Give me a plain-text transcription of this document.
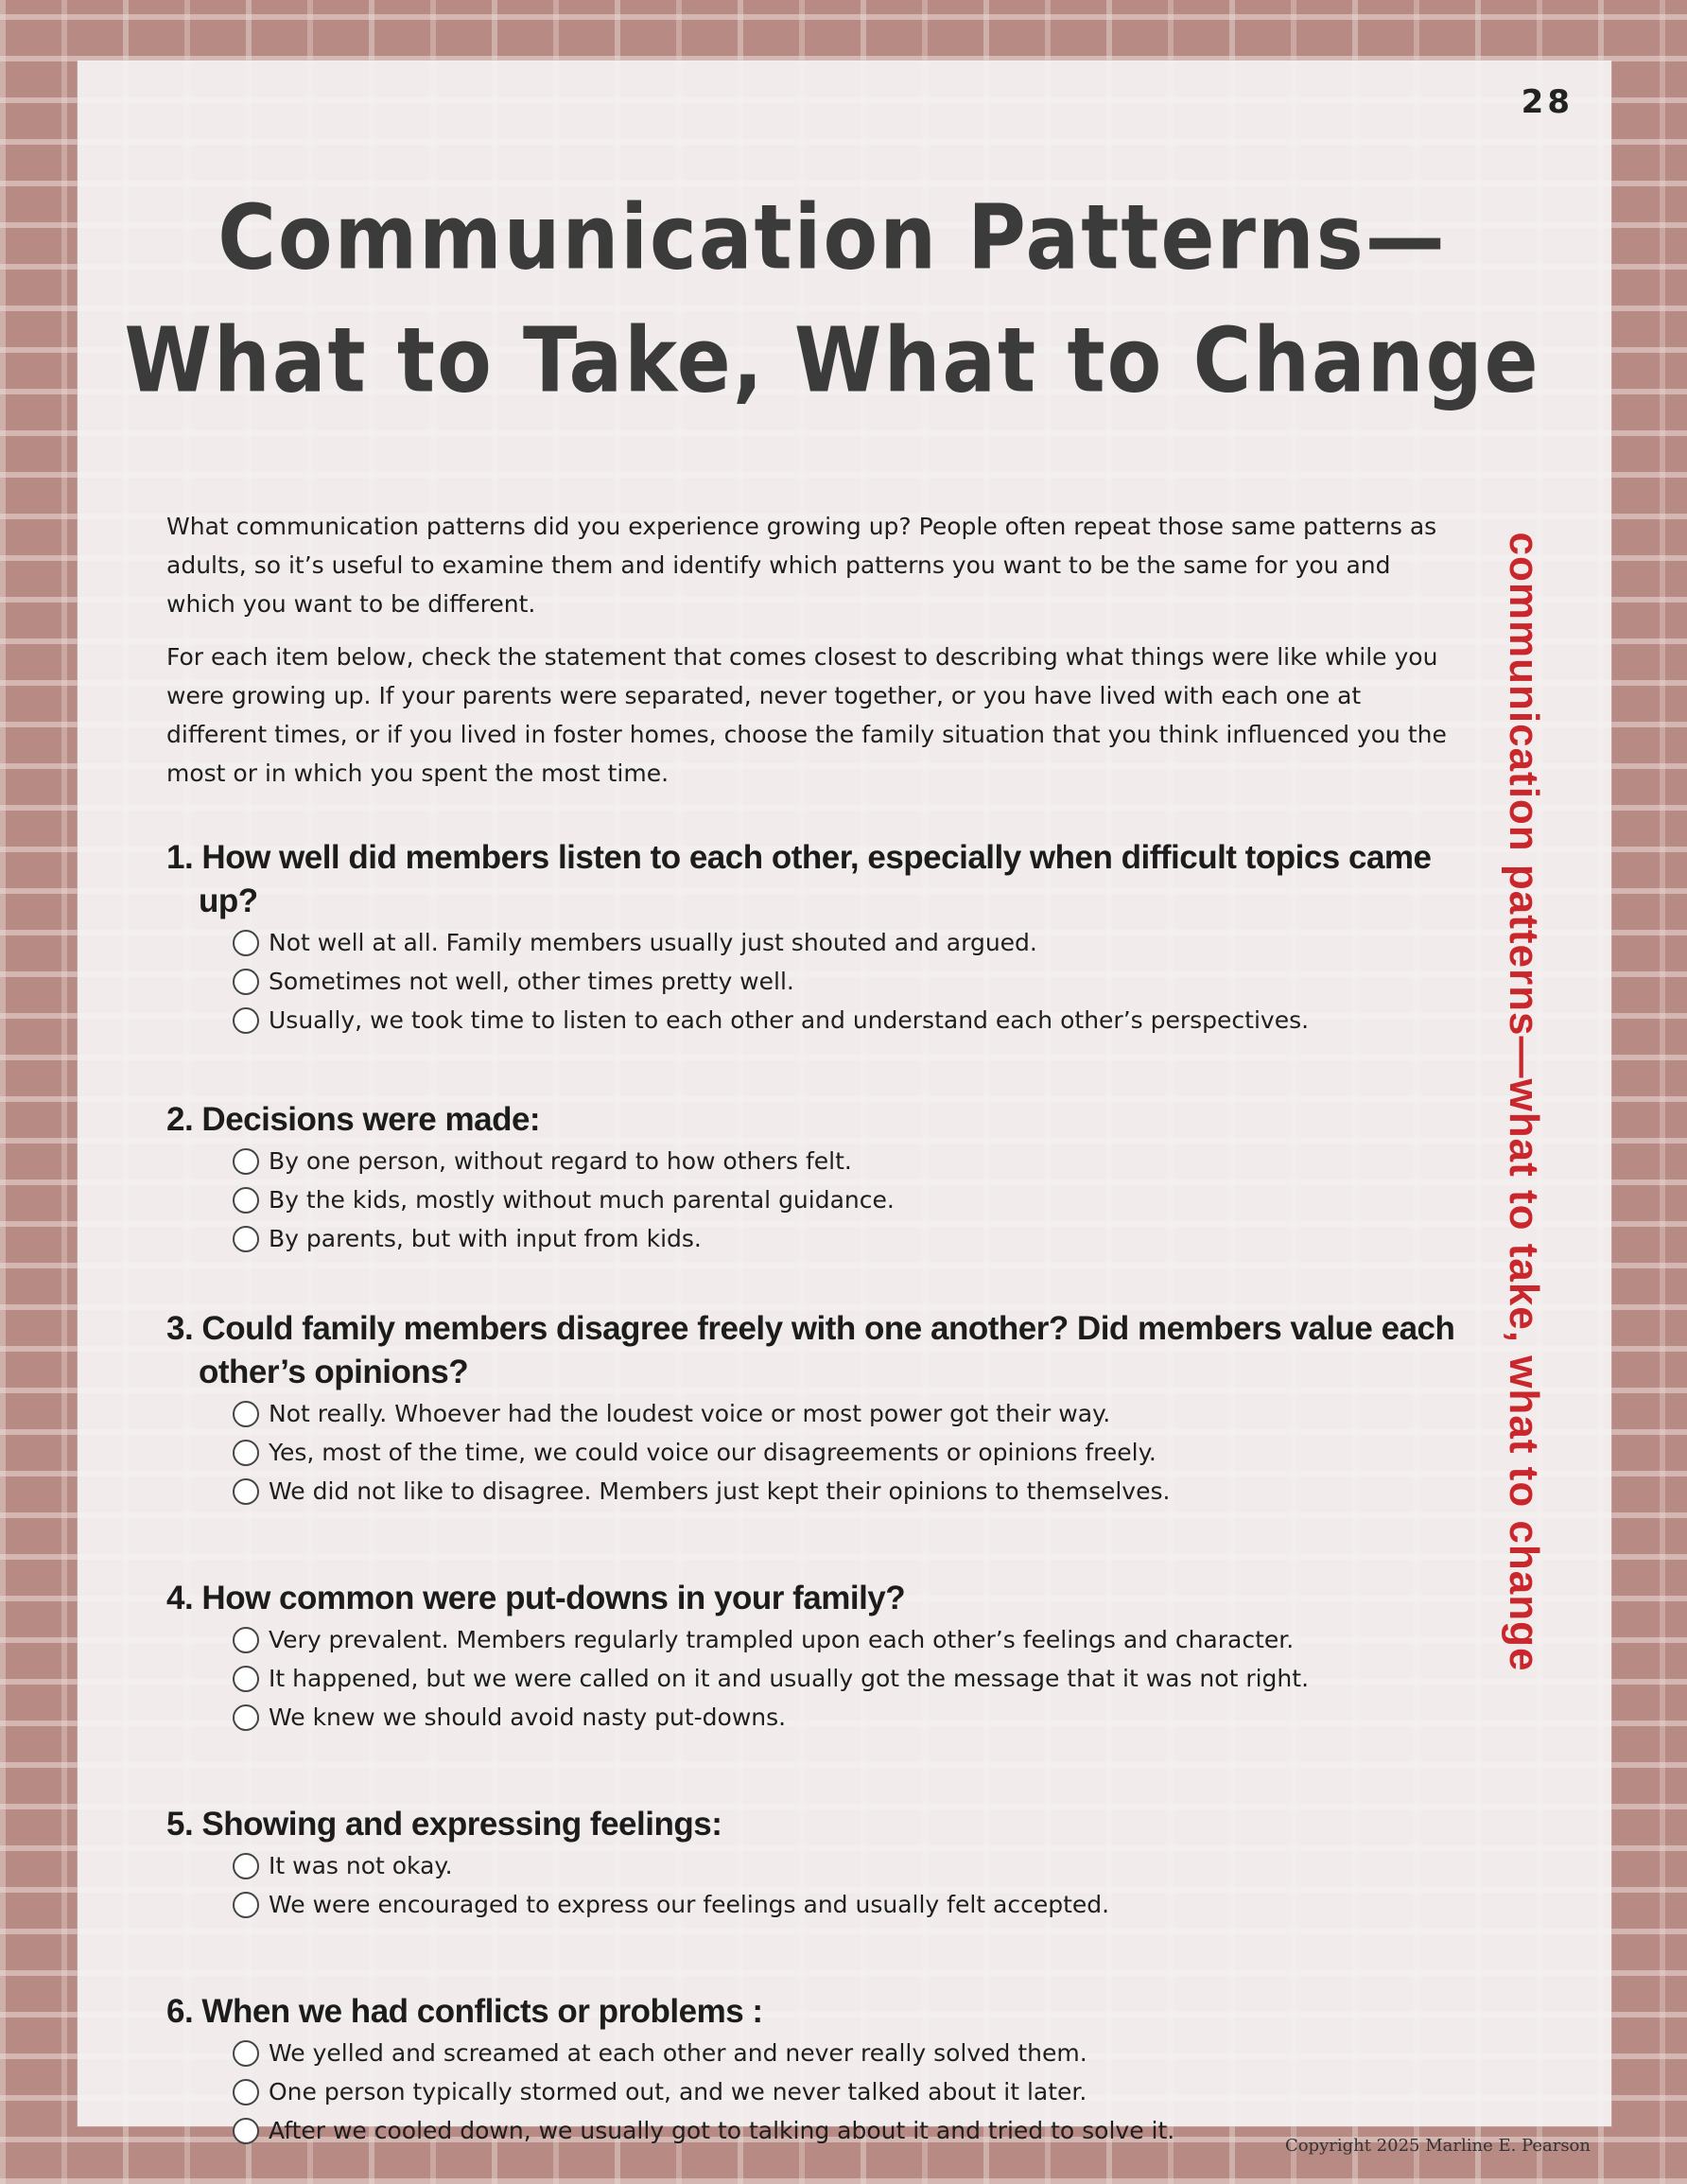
28
Communication Patterns—
What to Take, What to Change
communication patterns—what to take, what to change

What communication patterns did you experience growing up? People often repeat those same patterns as adults, so it’s useful to examine them and identify which patterns you want to be the same for you and which you want to be different.

For each item below, check the statement that comes closest to describing what things were like while you were growing up. If your parents were separated, never together, or you have lived with each one at different times, or if you lived in foster homes, choose the family situation that you think influenced you the most or in which you spent the most time.

1. How well did members listen to each other, especially when difficult topics came up?
Not well at all. Family members usually just shouted and argued.
Sometimes not well, other times pretty well.
Usually, we took time to listen to each other and understand each other’s perspectives.
2. Decisions were made:
By one person, without regard to how others felt.
By the kids, mostly without much parental guidance.
By parents, but with input from kids.
3. Could family members disagree freely with one another? Did members value each other’s opinions?
Not really. Whoever had the loudest voice or most power got their way.
Yes, most of the time, we could voice our disagreements or opinions freely.
We did not like to disagree. Members just kept their opinions to themselves.
4. How common were put-downs in your family?
Very prevalent. Members regularly trampled upon each other’s feelings and character.
It happened, but we were called on it and usually got the message that it was not right.
We knew we should avoid nasty put-downs.
5. Showing and expressing feelings:
It was not okay.
We were encouraged to express our feelings and usually felt accepted.
6. When we had conflicts or problems :
We yelled and screamed at each other and never really solved them.
One person typically stormed out, and we never talked about it later.
After we cooled down, we usually got to talking about it and tried to solve it.
Copyright 2025 Marline E. Pearson
